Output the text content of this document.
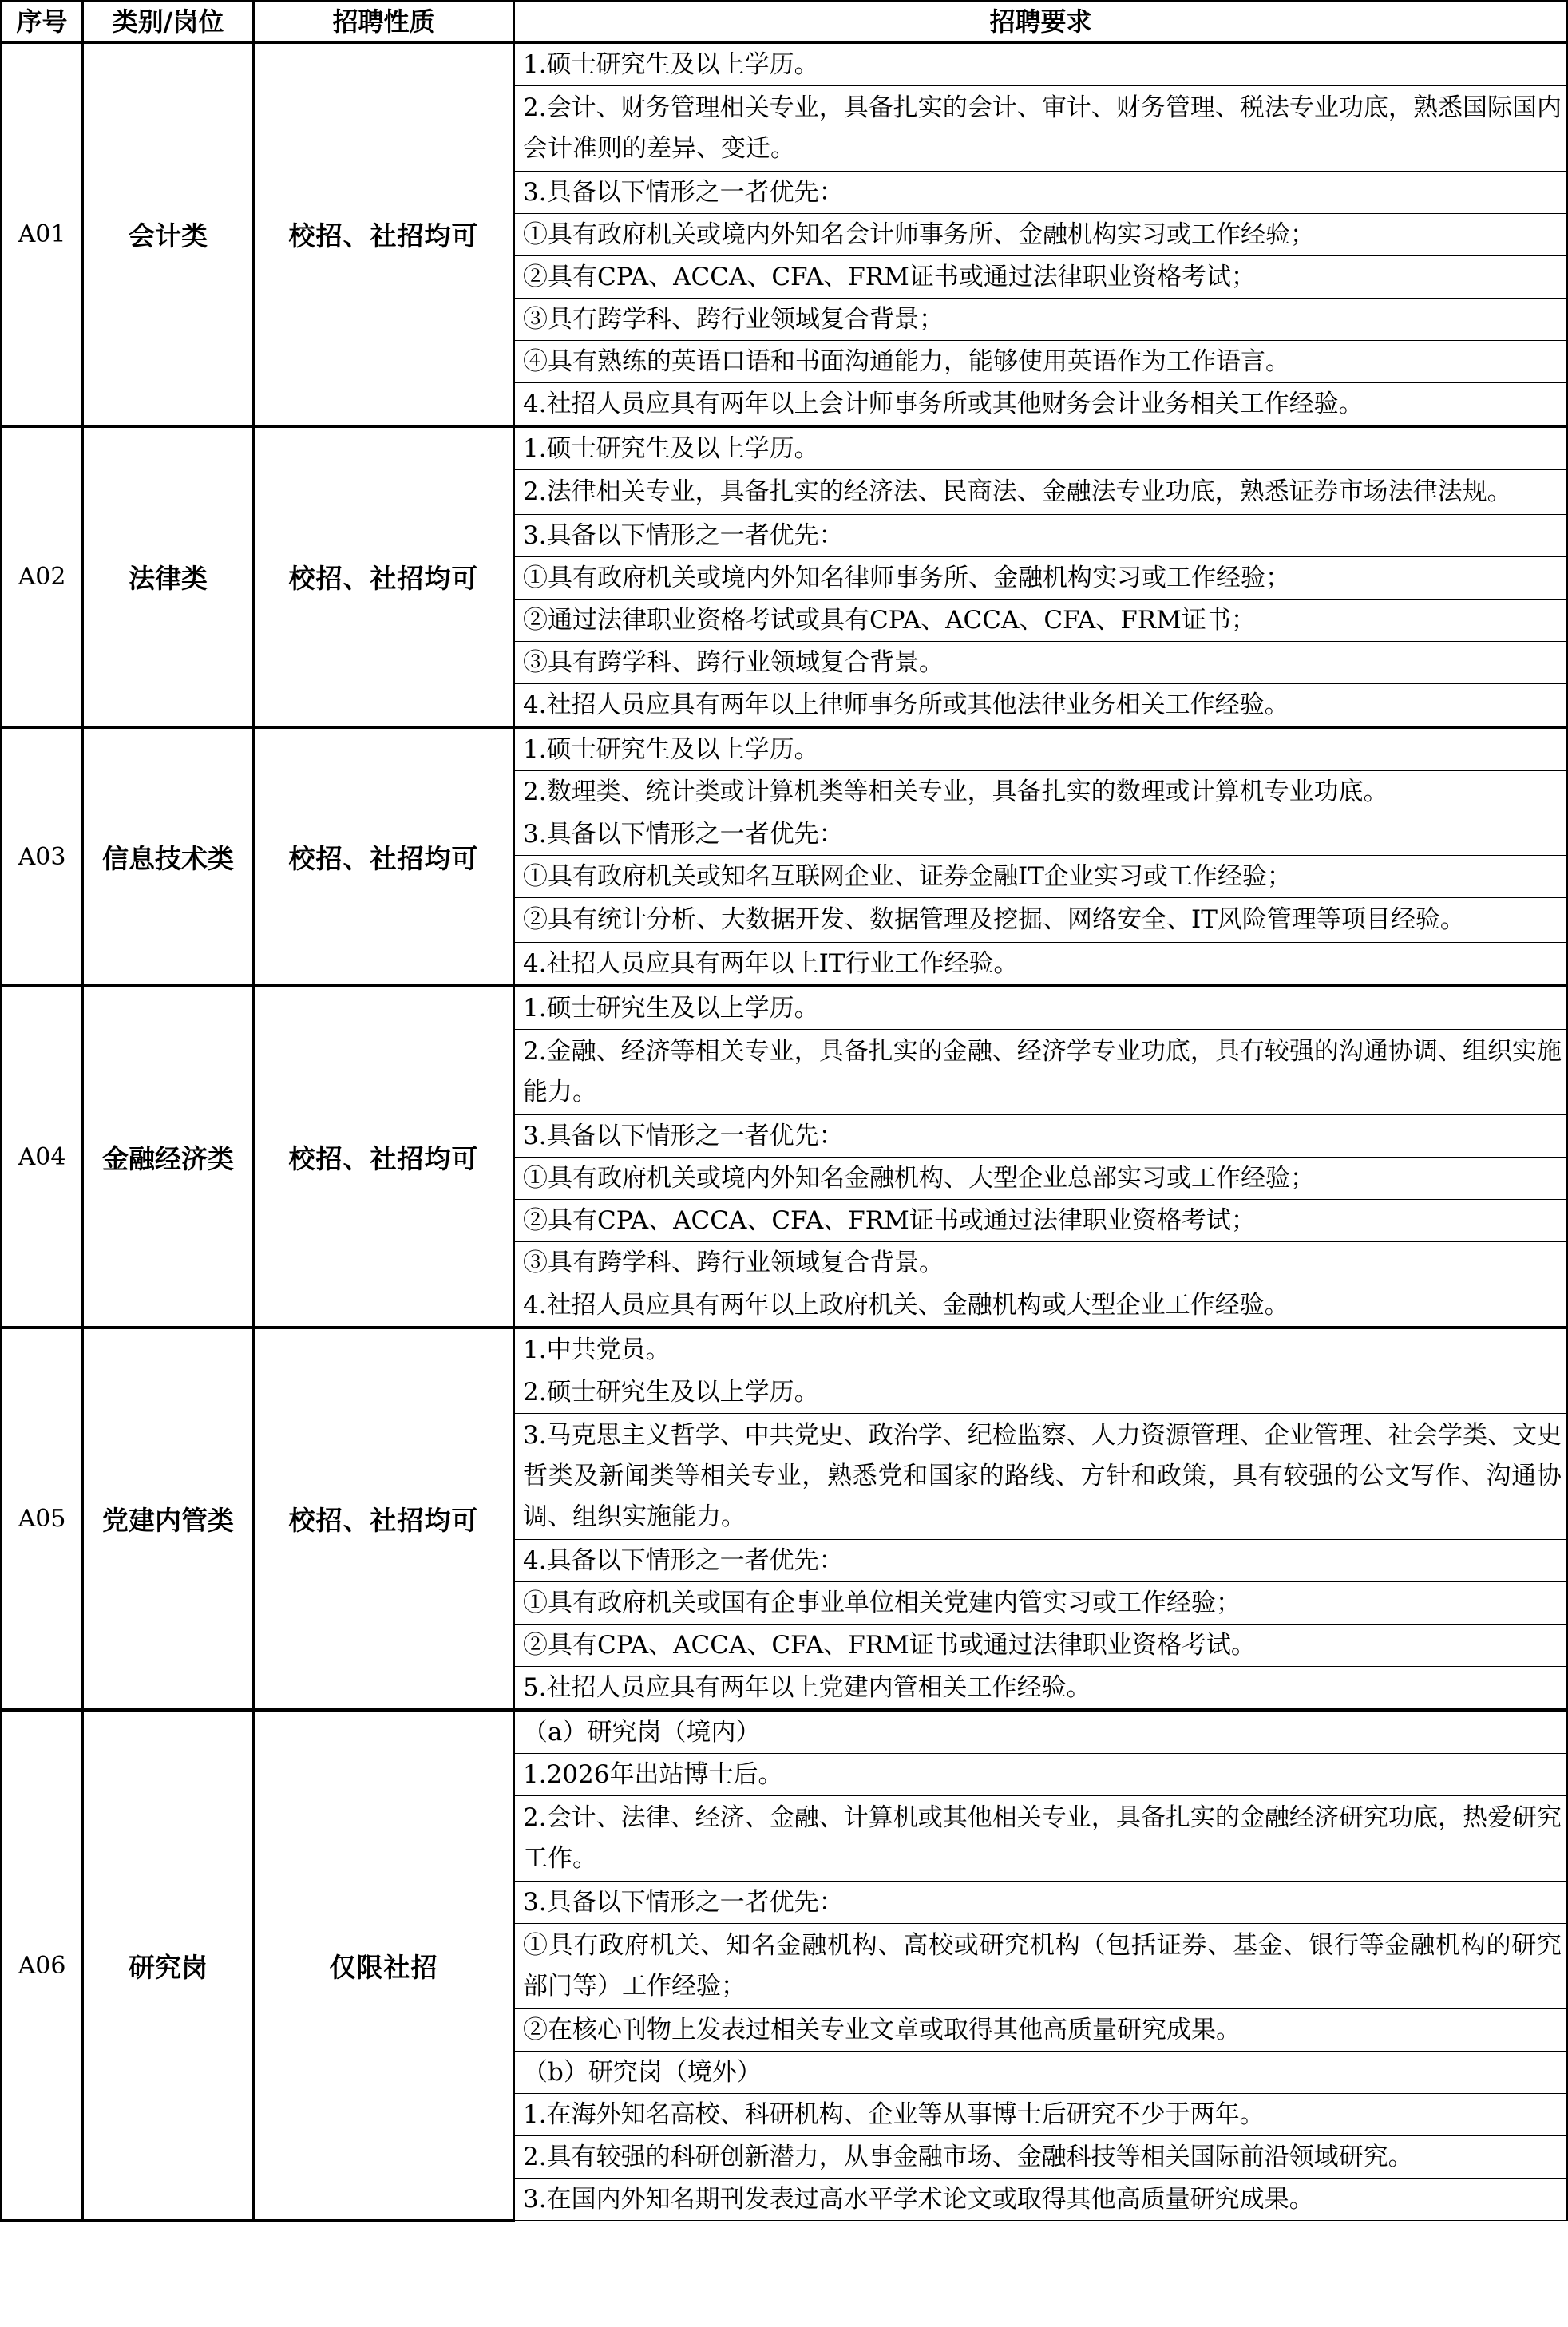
序号	类别/岗位	招聘性质	招聘要求
A01	会计类	校招、社招均可	1.硕士研究生及以上学历。
			2.会计、财务管理相关专业，具备扎实的会计、审计、财务管理、税法专业功底，熟悉国际国内会计准则的差异、变迁。
			3.具备以下情形之一者优先：
			①具有政府机关或境内外知名会计师事务所、金融机构实习或工作经验；
			②具有CPA、ACCA、CFA、FRM证书或通过法律职业资格考试；
			③具有跨学科、跨行业领域复合背景；
			④具有熟练的英语口语和书面沟通能力，能够使用英语作为工作语言。
			4.社招人员应具有两年以上会计师事务所或其他财务会计业务相关工作经验。
A02	法律类	校招、社招均可	1.硕士研究生及以上学历。
			2.法律相关专业，具备扎实的经济法、民商法、金融法专业功底，熟悉证券市场法律法规。
			3.具备以下情形之一者优先：
			①具有政府机关或境内外知名律师事务所、金融机构实习或工作经验；
			②通过法律职业资格考试或具有CPA、ACCA、CFA、FRM证书；
			③具有跨学科、跨行业领域复合背景。
			4.社招人员应具有两年以上律师事务所或其他法律业务相关工作经验。
A03	信息技术类	校招、社招均可	1.硕士研究生及以上学历。
			2.数理类、统计类或计算机类等相关专业，具备扎实的数理或计算机专业功底。
			3.具备以下情形之一者优先：
			①具有政府机关或知名互联网企业、证券金融IT企业实习或工作经验；
			②具有统计分析、大数据开发、数据管理及挖掘、网络安全、IT风险管理等项目经验。
			4.社招人员应具有两年以上IT行业工作经验。
A04	金融经济类	校招、社招均可	1.硕士研究生及以上学历。
			2.金融、经济等相关专业，具备扎实的金融、经济学专业功底，具有较强的沟通协调、组织实施能力。
			3.具备以下情形之一者优先：
			①具有政府机关或境内外知名金融机构、大型企业总部实习或工作经验；
			②具有CPA、ACCA、CFA、FRM证书或通过法律职业资格考试；
			③具有跨学科、跨行业领域复合背景。
			4.社招人员应具有两年以上政府机关、金融机构或大型企业工作经验。
A05	党建内管类	校招、社招均可	1.中共党员。
			2.硕士研究生及以上学历。
			3.马克思主义哲学、中共党史、政治学、纪检监察、人力资源管理、企业管理、社会学类、文史哲类及新闻类等相关专业，熟悉党和国家的路线、方针和政策，具有较强的公文写作、沟通协调、组织实施能力。
			4.具备以下情形之一者优先：
			①具有政府机关或国有企事业单位相关党建内管实习或工作经验；
			②具有CPA、ACCA、CFA、FRM证书或通过法律职业资格考试。
			5.社招人员应具有两年以上党建内管相关工作经验。
A06	研究岗	仅限社招	（a）研究岗（境内）
			1.2026年出站博士后。
			2.会计、法律、经济、金融、计算机或其他相关专业，具备扎实的金融经济研究功底，热爱研究工作。
			3.具备以下情形之一者优先：
			①具有政府机关、知名金融机构、高校或研究机构（包括证券、基金、银行等金融机构的研究部门等）工作经验；
			②在核心刊物上发表过相关专业文章或取得其他高质量研究成果。
			（b）研究岗（境外）
			1.在海外知名高校、科研机构、企业等从事博士后研究不少于两年。
			2.具有较强的科研创新潜力，从事金融市场、金融科技等相关国际前沿领域研究。
			3.在国内外知名期刊发表过高水平学术论文或取得其他高质量研究成果。
